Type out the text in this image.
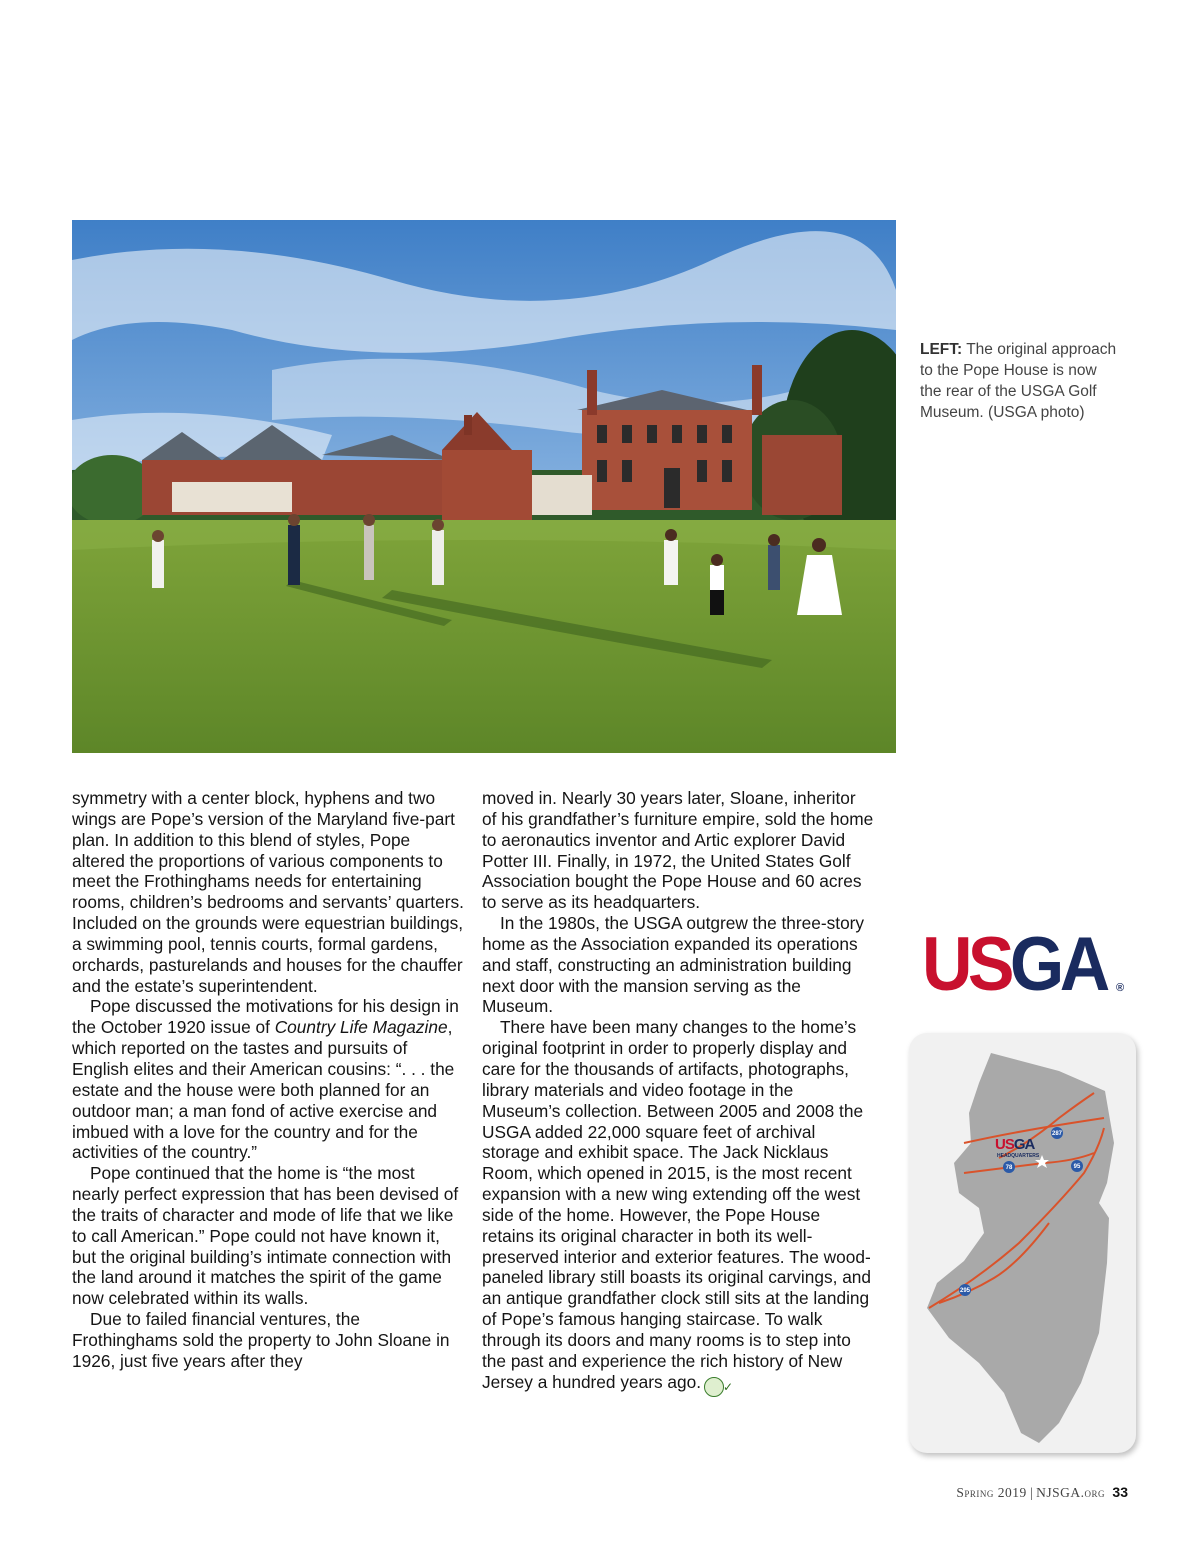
LEFT: The original approach to the Pope House is now the rear of the USGA Golf Museum. (USGA photo)

symmetry with a center block, hyphens and two wings are Pope’s version of the Maryland five-part plan. In addition to this blend of styles, Pope altered the proportions of various components to meet the Frothinghams needs for entertaining rooms, children’s bedrooms and servants’ quarters. Included on the grounds were equestrian buildings, a swimming pool, tennis courts, formal gardens, orchards, pasturelands and houses for the chauffer and the estate’s superintendent.

Pope discussed the motivations for his design in the October 1920 issue of Country Life Magazine, which reported on the tastes and pursuits of English elites and their American cousins: “. . . the estate and the house were both planned for an outdoor man; a man fond of active exercise and imbued with a love for the country and for the activities of the country.”

Pope continued that the home is “the most nearly perfect expression that has been devised of the traits of character and mode of life that we like to call American.” Pope could not have known it, but the original building’s intimate connection with the land around it matches the spirit of the game now celebrated within its walls.

Due to failed financial ventures, the Frothinghams sold the property to John Sloane in 1926, just five years after they

moved in. Nearly 30 years later, Sloane, inheritor of his grandfather’s furniture empire, sold the home to aeronautics inventor and Artic explorer David Potter III. Finally, in 1972, the United States Golf Association bought the Pope House and 60 acres to serve as its headquarters.

In the 1980s, the USGA outgrew the three-story home as the Association expanded its operations and staff, constructing an administration building next door with the mansion serving as the Museum.

There have been many changes to the home’s original footprint in order to properly display and care for the thousands of artifacts, photographs, library materials and video footage in the Museum’s collection. Between 2005 and 2008 the USGA added 22,000 square feet of archival storage and exhibit space. The Jack Nicklaus Room, which opened in 2015, is the most recent expansion with a new wing extending off the west side of the home. However, the Pope House retains its original character in both its well-preserved interior and exterior features. The wood-paneled library still boasts its original carvings, and an antique grandfather clock still sits at the landing of Pope’s famous hanging staircase. To walk through its doors and many rooms is to step into the past and experience the rich history of New Jersey a hundred years ago. ✓

USGA ®
287
78	95
295
USGA
HEADQUARTERS
Spring 2019 | NJSGA.org 33
